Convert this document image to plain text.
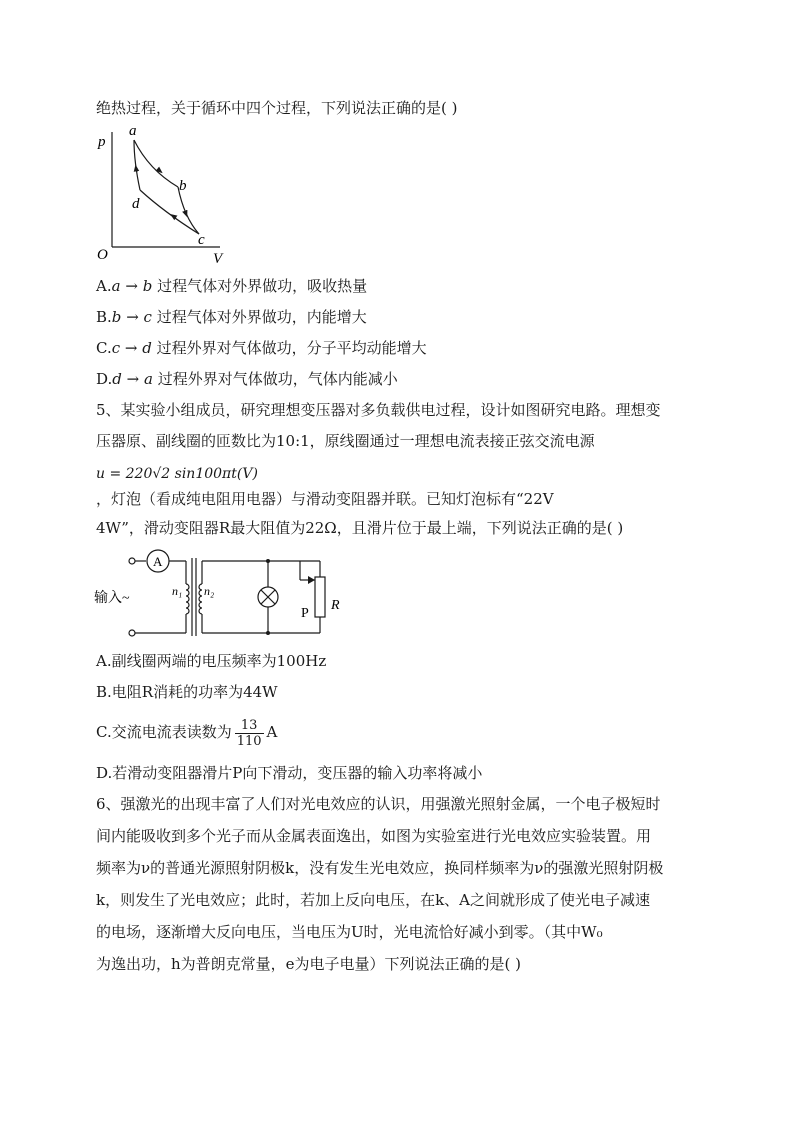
绝热过程，关于循环中四个过程，下列说法正确的是( )
p
O	V
a
b
c
d
A.a → b 过程气体对外界做功，吸收热量
B.b → c 过程气体对外界做功，内能增大
C.c → d 过程外界对气体做功，分子平均动能增大
D.d → a 过程外界对气体做功，气体内能减小
5、某实验小组成员，研究理想变压器对多负载供电过程，设计如图研究电路。理想变
压器原、副线圈的匝数比为10:1，原线圈通过一理想电流表接正弦交流电源
u = 220√2 sin100πt(V)
，灯泡（看成纯电阻用电器）与滑动变阻器并联。已知灯泡标有“22V
4W”，滑动变阻器R最大阻值为22Ω，且滑片位于最上端，下列说法正确的是( )
A
输入~	n₁ n₂
P
R
A.副线圈两端的电压频率为100Hz
B.电阻R消耗的功率为44W
C.交流电流表读数为 $\frac{13}{110}$ A
D.若滑动变阻器滑片P向下滑动，变压器的输入功率将减小
6、强激光的出现丰富了人们对光电效应的认识，用强激光照射金属，一个电子极短时
间内能吸收到多个光子而从金属表面逸出，如图为实验室进行光电效应实验装置。用
频率为ν的普通光源照射阴极k，没有发生光电效应，换同样频率为ν的强激光照射阴极
k，则发生了光电效应；此时，若加上反向电压，在k、A之间就形成了使光电子减速
的电场，逐渐增大反向电压，当电压为U时，光电流恰好减小到零。（其中W₀
为逸出功，h为普朗克常量，e为电子电量）下列说法正确的是( )
